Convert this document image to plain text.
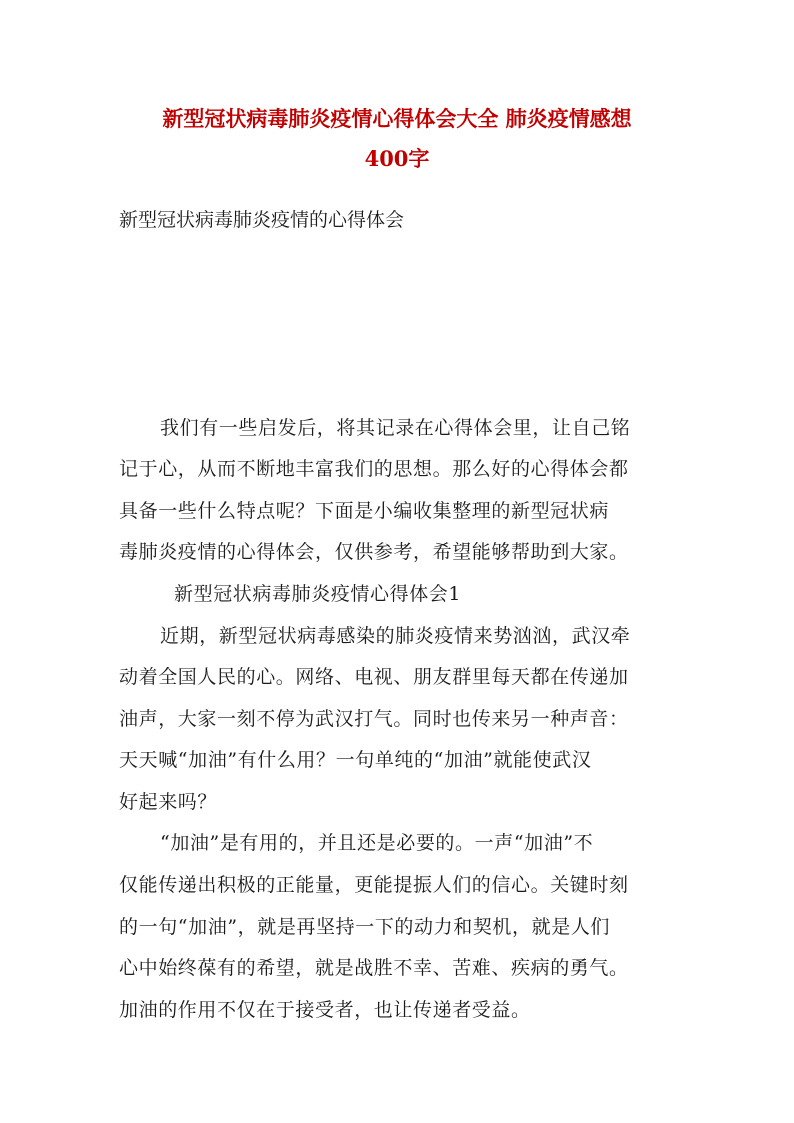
新型冠状病毒肺炎疫情心得体会大全 肺炎疫情感想
400字
新型冠状病毒肺炎疫情的心得体会
我们有一些启发后，将其记录在心得体会里，让自己铭
记于心，从而不断地丰富我们的思想。那么好的心得体会都
具备一些什么特点呢？下面是小编收集整理的新型冠状病
毒肺炎疫情的心得体会，仅供参考，希望能够帮助到大家。
新型冠状病毒肺炎疫情心得体会1
近期，新型冠状病毒感染的肺炎疫情来势汹汹，武汉牵
动着全国人民的心。网络、电视、朋友群里每天都在传递加
油声，大家一刻不停为武汉打气。同时也传来另一种声音：
天天喊“加油”有什么用？一句单纯的“加油”就能使武汉
好起来吗？
“加油”是有用的，并且还是必要的。一声“加油”不
仅能传递出积极的正能量，更能提振人们的信心。关键时刻
的一句“加油”，就是再坚持一下的动力和契机，就是人们
心中始终葆有的希望，就是战胜不幸、苦难、疾病的勇气。
加油的作用不仅在于接受者，也让传递者受益。
